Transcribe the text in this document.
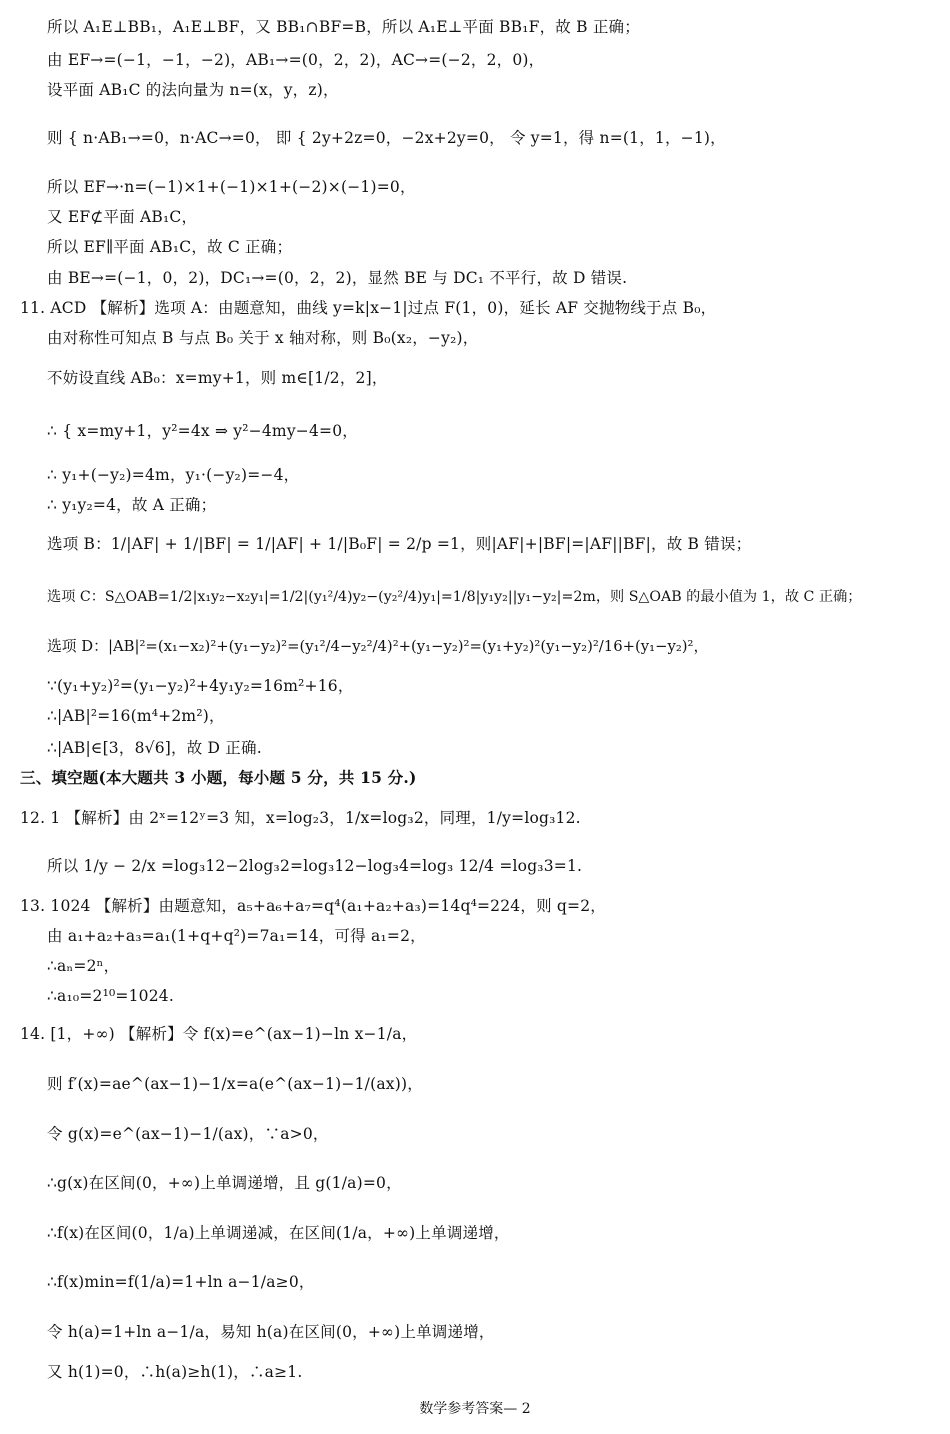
所以 A₁E⊥BB₁，A₁E⊥BF，又 BB₁∩BF=B，所以 A₁E⊥平面 BB₁F，故 B 正确；
由 EF→=(−1，−1，−2)，AB₁→=(0，2，2)，AC→=(−2，2，0)，
设平面 AB₁C 的法向量为 n=(x，y，z)，
则 { n·AB₁→=0，n·AC→=0， 即 { 2y+2z=0，−2x+2y=0， 令 y=1，得 n=(1，1，−1)，
所以 EF→·n=(−1)×1+(−1)×1+(−2)×(−1)=0，
又 EF⊄平面 AB₁C，
所以 EF∥平面 AB₁C，故 C 正确；
由 BE→=(−1，0，2)，DC₁→=(0，2，2)，显然 BE 与 DC₁ 不平行，故 D 错误.
11. ACD 【解析】选项 A：由题意知，曲线 y=k|x−1|过点 F(1，0)，延长 AF 交抛物线于点 B₀，
由对称性可知点 B 与点 B₀ 关于 x 轴对称，则 B₀(x₂，−y₂)，
不妨设直线 AB₀：x=my+1，则 m∈[1/2，2]，
∴ { x=my+1，y²=4x ⇒ y²−4my−4=0，
∴ y₁+(−y₂)=4m，y₁·(−y₂)=−4，
∴ y₁y₂=4，故 A 正确；
选项 B：1/|AF| + 1/|BF| = 1/|AF| + 1/|B₀F| = 2/p =1，则|AF|+|BF|=|AF||BF|，故 B 错误；
选项 C：S△OAB=1/2|x₁y₂−x₂y₁|=1/2|(y₁²/4)y₂−(y₂²/4)y₁|=1/8|y₁y₂||y₁−y₂|=2m，则 S△OAB 的最小值为 1，故 C 正确；
选项 D：|AB|²=(x₁−x₂)²+(y₁−y₂)²=(y₁²/4−y₂²/4)²+(y₁−y₂)²=(y₁+y₂)²(y₁−y₂)²/16+(y₁−y₂)²，
∵(y₁+y₂)²=(y₁−y₂)²+4y₁y₂=16m²+16，
∴|AB|²=16(m⁴+2m²)，
∴|AB|∈[3，8√6]，故 D 正确.
三、填空题(本大题共 3 小题，每小题 5 分，共 15 分.)
12. 1 【解析】由 2ˣ=12ʸ=3 知，x=log₂3，1/x=log₃2，同理，1/y=log₃12.
所以 1/y − 2/x =log₃12−2log₃2=log₃12−log₃4=log₃ 12/4 =log₃3=1.
13. 1024 【解析】由题意知，a₅+a₆+a₇=q⁴(a₁+a₂+a₃)=14q⁴=224，则 q=2，
由 a₁+a₂+a₃=a₁(1+q+q²)=7a₁=14，可得 a₁=2，
∴aₙ=2ⁿ，
∴a₁₀=2¹⁰=1024.
14. [1，+∞) 【解析】令 f(x)=e^(ax−1)−ln x−1/a，
则 f′(x)=ae^(ax−1)−1/x=a(e^(ax−1)−1/(ax))，
令 g(x)=e^(ax−1)−1/(ax)，∵a>0，
∴g(x)在区间(0，+∞)上单调递增，且 g(1/a)=0，
∴f(x)在区间(0，1/a)上单调递减，在区间(1/a，+∞)上单调递增，
∴f(x)min=f(1/a)=1+ln a−1/a≥0，
令 h(a)=1+ln a−1/a，易知 h(a)在区间(0，+∞)上单调递增，
又 h(1)=0，∴h(a)≥h(1)，∴a≥1.
数学参考答案— 2
